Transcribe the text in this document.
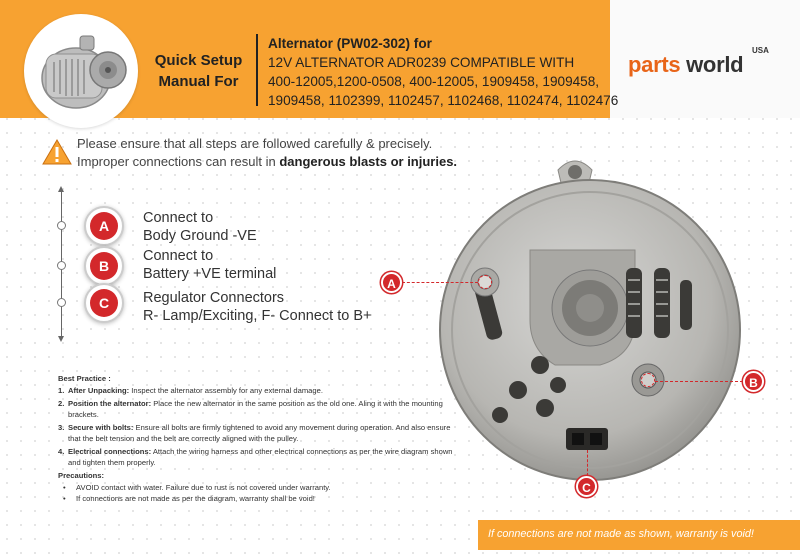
Quick Setup Manual For
Alternator (PW02-302) for
12V ALTERNATOR ADR0239 COMPATIBLE WITH
400-12005,1200-0508, 400-12005, 1909458, 1909458,
1909458, 1102399, 1102457, 1102468, 1102474, 1102476
parts world
USA
Please ensure that all steps are followed carefully & precisely.
Improper connections can result in dangerous blasts or injuries.
A	Connect to
Body Ground -VE
B
Connect to
Battery +VE terminal
C	Regulator Connectors
R- Lamp/Exciting, F- Connect to B+
Best Practice :
1. After Unpacking: Inspect the alternator assembly for any external damage.
2. Position the alternator: Place the new alternator in the same position as the old one. Aling it with the mounting brackets.
3. Secure with bolts: Ensure all bolts are firmly tightened to avoid any movement during operation. And also ensure that the belt tension and the belt are correctly aligned with the pulley.
4. Electrical connections: Attach the wiring harness and other electrical connections as per the wire diagram shown and tighten them properly.
Precautions:
• AVOID contact with water. Failure due to rust is not covered under warranty.
• If connections are not made as per the diagram, warranty shall be void!
A
B
C
If connections are not made as shown, warranty is void!
